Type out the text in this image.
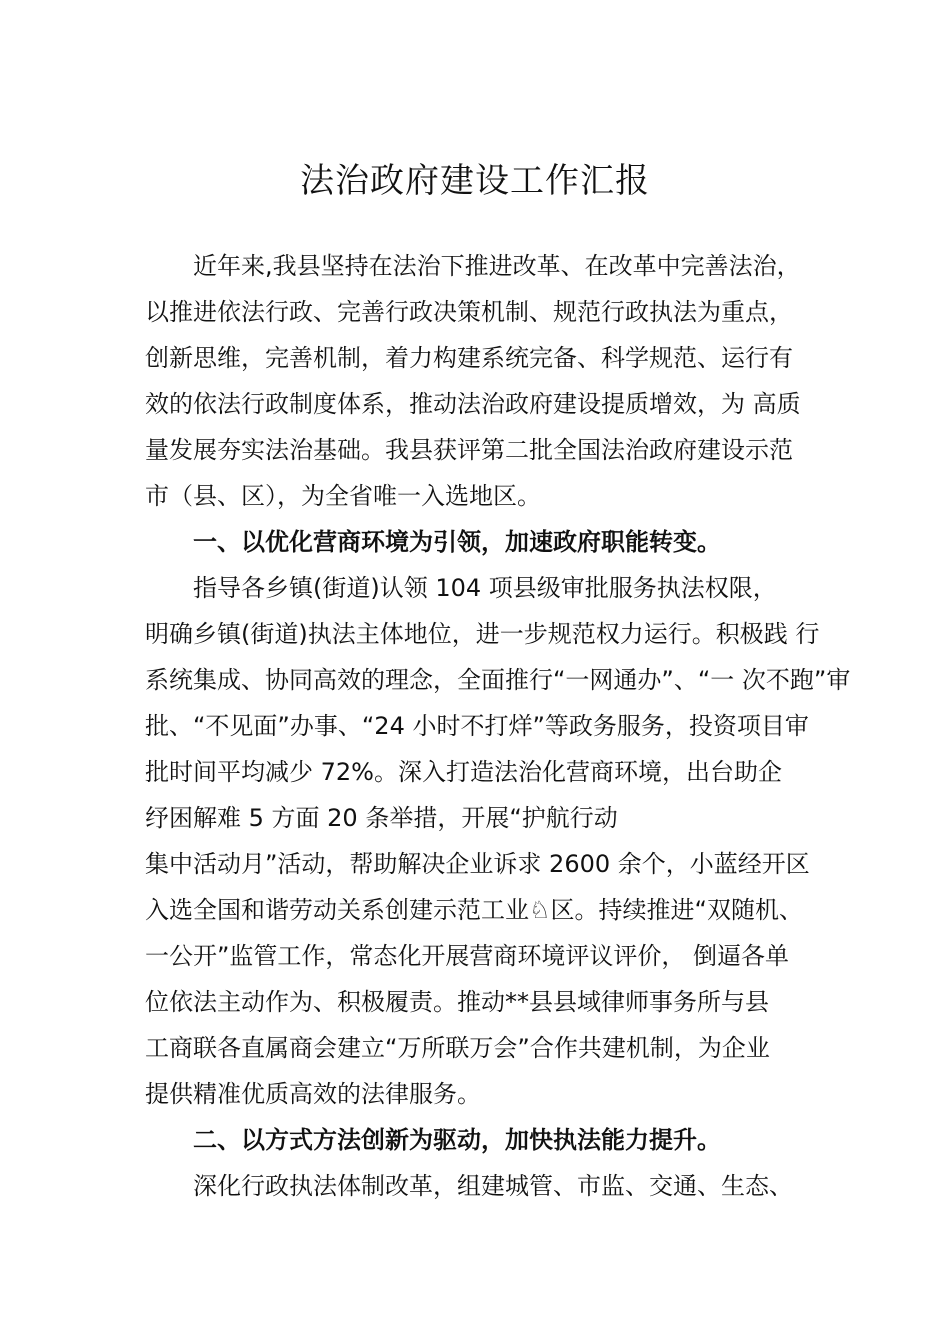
法治政府建设工作汇报
近年来,我县坚持在法治下推进改革、在改革中完善法治，
以推进依法行政、完善行政决策机制、规范行政执法为重点，
创新思维，完善机制，着力构建系统完备、科学规范、运行有
效的依法行政制度体系，推动法治政府建设提质增效，为 高质
量发展夯实法治基础。我县获评第二批全国法治政府建设示范
市（县、区），为全省唯一入选地区。
一、以优化营商环境为引领，加速政府职能转变。
指导各乡镇(街道)认领 104 项县级审批服务执法权限，
明确乡镇(街道)执法主体地位，进一步规范权力运行。积极践 行
系统集成、协同高效的理念，全面推行“一网通办”、“一 次不跑”审
批、“不见面”办事、“24 小时不打烊”等政务服务，投资项目审
批时间平均减少 72%。深入打造法治化营商环境，出台助企
纾困解难 5 方面 20 条举措，开展“护航行动
集中活动月”活动，帮助解决企业诉求 2600 余个，小蓝经开区
入选全国和谐劳动关系创建示范工业♘区。持续推进“双随机、
一公开”监管工作，常态化开展营商环境评议评价， 倒逼各单
位依法主动作为、积极履责。推动**县县域律师事务所与县
工商联各直属商会建立“万所联万会”合作共建机制，为企业
提供精准优质高效的法律服务。
二、以方式方法创新为驱动，加快执法能力提升。
深化行政执法体制改革，组建城管、市监、交通、生态、
